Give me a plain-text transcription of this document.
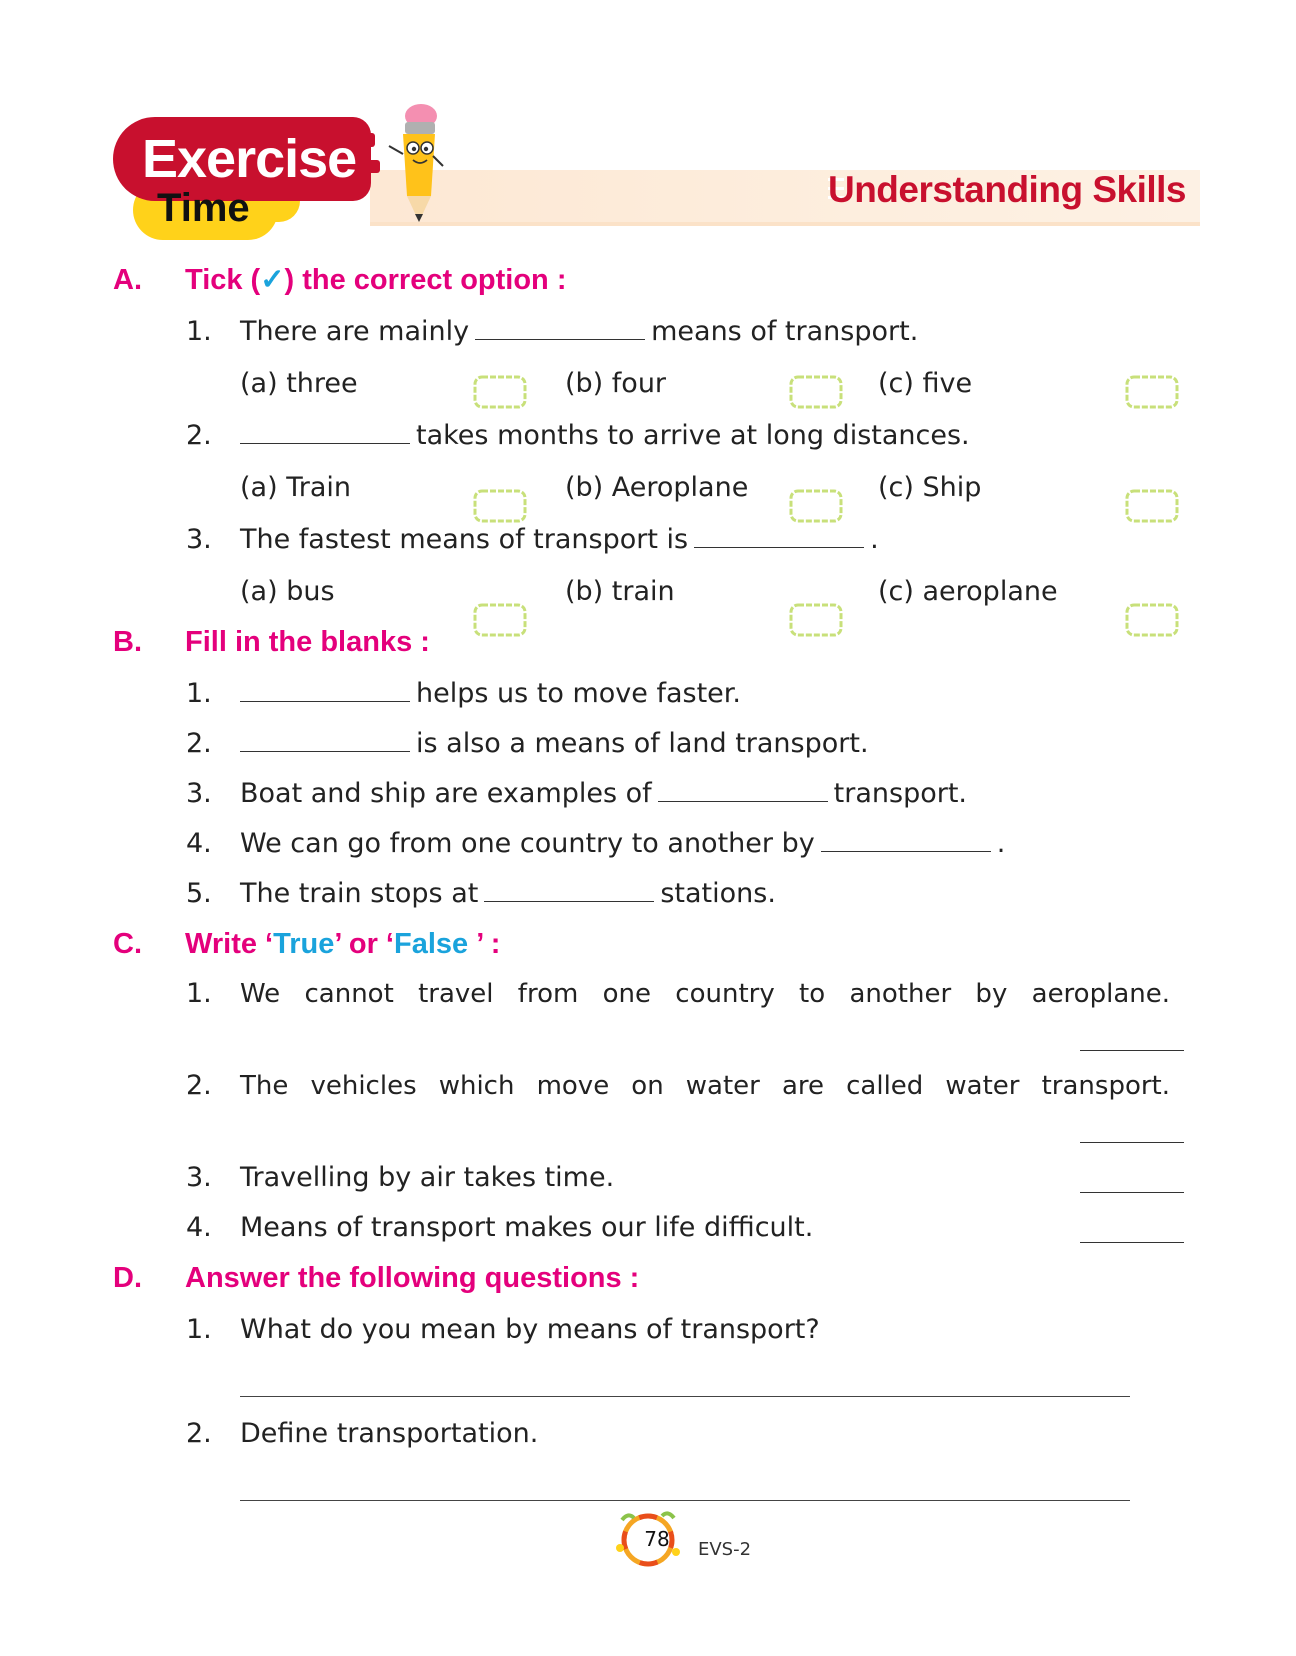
Exercise
Time	Understanding Skills
A. Tick (✓) the correct option :
1. There are mainly	means of transport.
(a) three	(b) four	(c) five
2.	takes months to arrive at long distances.
(a) Train	(b) Aeroplane	(c) Ship
3. The fastest means of transport is	.
(a) bus	(b) train	(c) aeroplane
B. Fill in the blanks :
1.	helps us to move faster.
2.	is also a means of land transport.
3. Boat and ship are examples of	transport.
4. We can go from one country to another by	.
5. The train stops at	stations.
C. Write ‘True’ or ‘False ’ :
1. We cannot travel from one country to another by aeroplane.
2. The vehicles which move on water are called water transport.
3. Travelling by air takes time.
4. Means of transport makes our life difficult.
D. Answer the following questions :
1. What do you mean by means of transport?
2. Define transportation.
78 EVS-2
